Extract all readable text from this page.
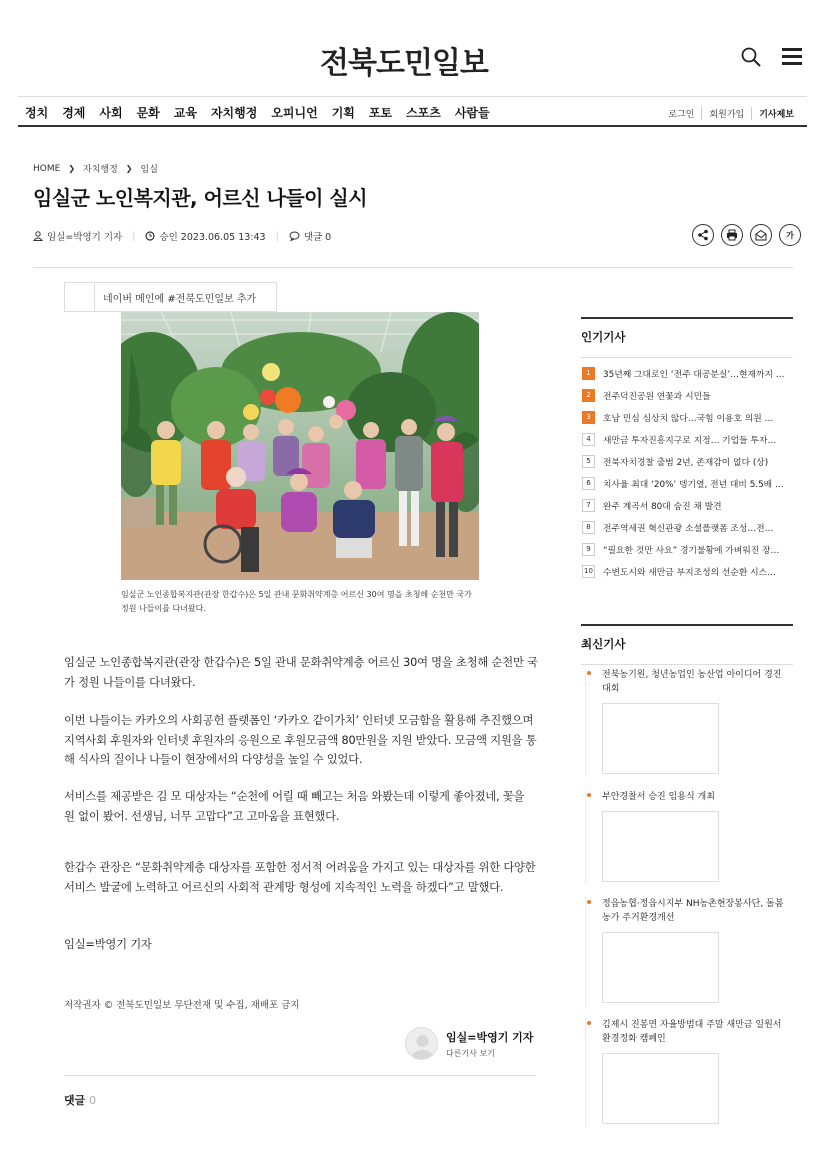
전북도민일보
정치 경제 사회 문화 교육 자치행정 오피니언 기획 포토 스포츠 사람들	로그인	회원가입	기사제보
HOME ❯ 자치행정 ❯ 임실
임실군 노인복지관, 어르신 나들이 실시
임실=박영기 기자 |	승인 2023.06.05 13:43 |	댓글 0	가
네이버 메인에 #전북도민일보 추가
임실군 노인종합복지관(관장 한갑수)은 5일 관내 문화취약계층 어르신 30여 명을 초청해 순천만 국가 정원 나들이를 다녀왔다.

임실군 노인종합복지관(관장 한갑수)은 5일 관내 문화취약계층 어르신 30여 명을 초청해 순천만 국가 정원 나들이를 다녀왔다.

이번 나들이는 카카오의 사회공헌 플랫폼인 ‘카카오 같이가치’ 인터넷 모금함을 활용해 추진했으며 지역사회 후원자와 인터넷 후원자의 응원으로 후원모금액 80만원을 지원 받았다. 모금액 지원을 통해 식사의 질이나 나들이 현장에서의 다양성을 높일 수 있었다.

서비스를 제공받은 김 모 대상자는 “순천에 어릴 때 빼고는 처음 와봤는데 이렇게 좋아졌네, 꽃을 원 없이 봤어. 선생님, 너무 고맙다”고 고마움을 표현했다.

한갑수 관장은 “문화취약계층 대상자를 포함한 정서적 어려움을 가지고 있는 대상자를 위한 다양한 서비스 발굴에 노력하고 어르신의 사회적 관계망 형성에 지속적인 노력을 하겠다”고 말했다.

임실=박영기 기자

저작권자 © 전북도민일보 무단전재 및 수집, 재배포 금지
임실=박영기 기자
다른기사 보기
댓글 0
인기기사
1	35년째 그대로인 ‘전주 대공분실’…현재까지 …
2	전주덕진공원 연꽃과 시민들
3	호남 민심 심상치 않다…국힘 이용호 의원 …
4	새만금 투자진흥지구로 지정… 기업들 투자…
5	전북자치경찰 출범 2년, 존재감이 없다 (상)
6	치사율 최대 ‘20%’ 뎅기열, 전년 대비 5.5배 …
7	완주 계곡서 80대 숨진 채 발견
8	전주역세권 혁신관광 소셜플랫폼 조성…전…
9	“필요한 것만 사요” 경기불황에 가벼워진 장…
10 수변도시와 새만금 부지조성의 선순환 시스…
최신기사
전북농기원, 청년농업인 농산업 아이디어 경진대회
부안경찰서 승진 임용식 개최
정읍농협·정읍시지부 NH농촌현장봉사단, 돌봄 농가 주거환경개선
김제시 진봉면 자율방범대 주말 새만금 일원서 환경정화 캠페인
